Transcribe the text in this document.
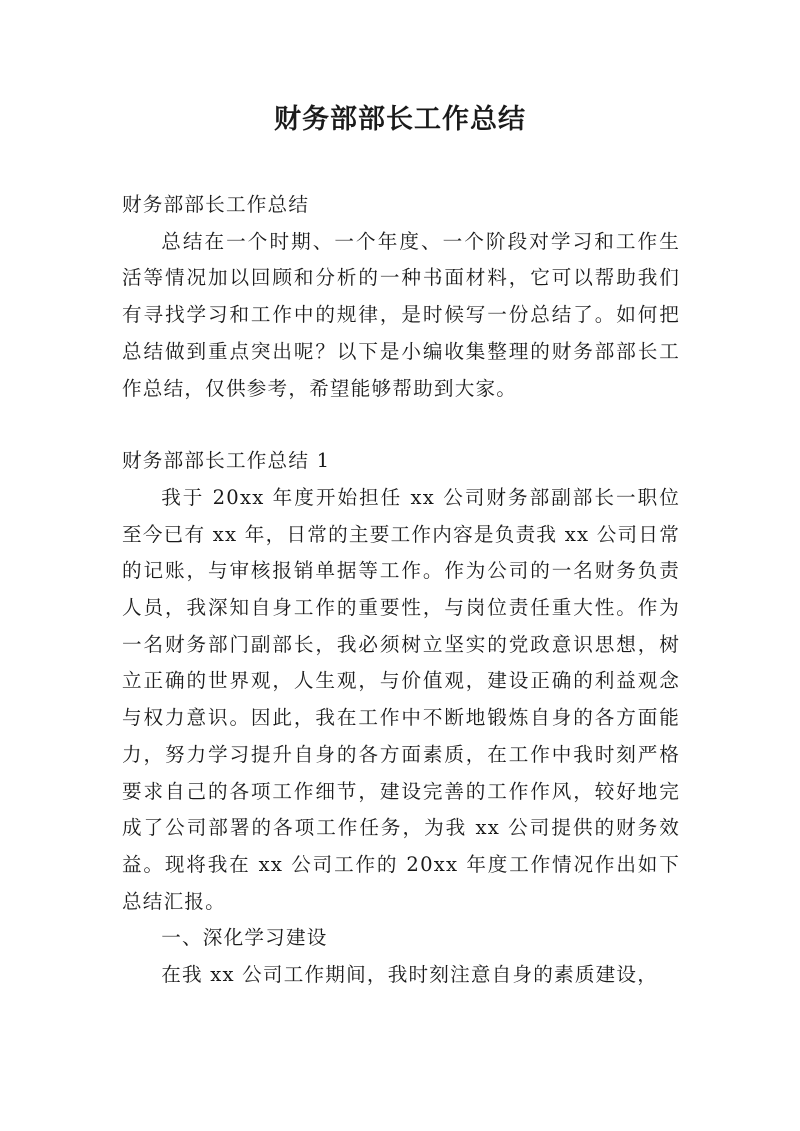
财务部部长工作总结

财务部部长工作总结

总结在一个时期、一个年度、一个阶段对学习和工作生活等情况加以回顾和分析的一种书面材料，它可以帮助我们有寻找学习和工作中的规律，是时候写一份总结了。如何把总结做到重点突出呢？以下是小编收集整理的财务部部长工作总结，仅供参考，希望能够帮助到大家。

财务部部长工作总结 1

我于 20xx 年度开始担任 xx 公司财务部副部长一职位至今已有 xx 年，日常的主要工作内容是负责我 xx 公司日常的记账，与审核报销单据等工作。作为公司的一名财务负责人员，我深知自身工作的重要性，与岗位责任重大性。作为一名财务部门副部长，我必须树立坚实的党政意识思想，树立正确的世界观，人生观，与价值观，建设正确的利益观念与权力意识。因此，我在工作中不断地锻炼自身的各方面能力，努力学习提升自身的各方面素质，在工作中我时刻严格要求自己的各项工作细节，建设完善的工作作风，较好地完成了公司部署的各项工作任务，为我 xx 公司提供的财务效益。现将我在 xx 公司工作的 20xx 年度工作情况作出如下总结汇报。

一、深化学习建设

在我 xx 公司工作期间，我时刻注意自身的素质建设，
